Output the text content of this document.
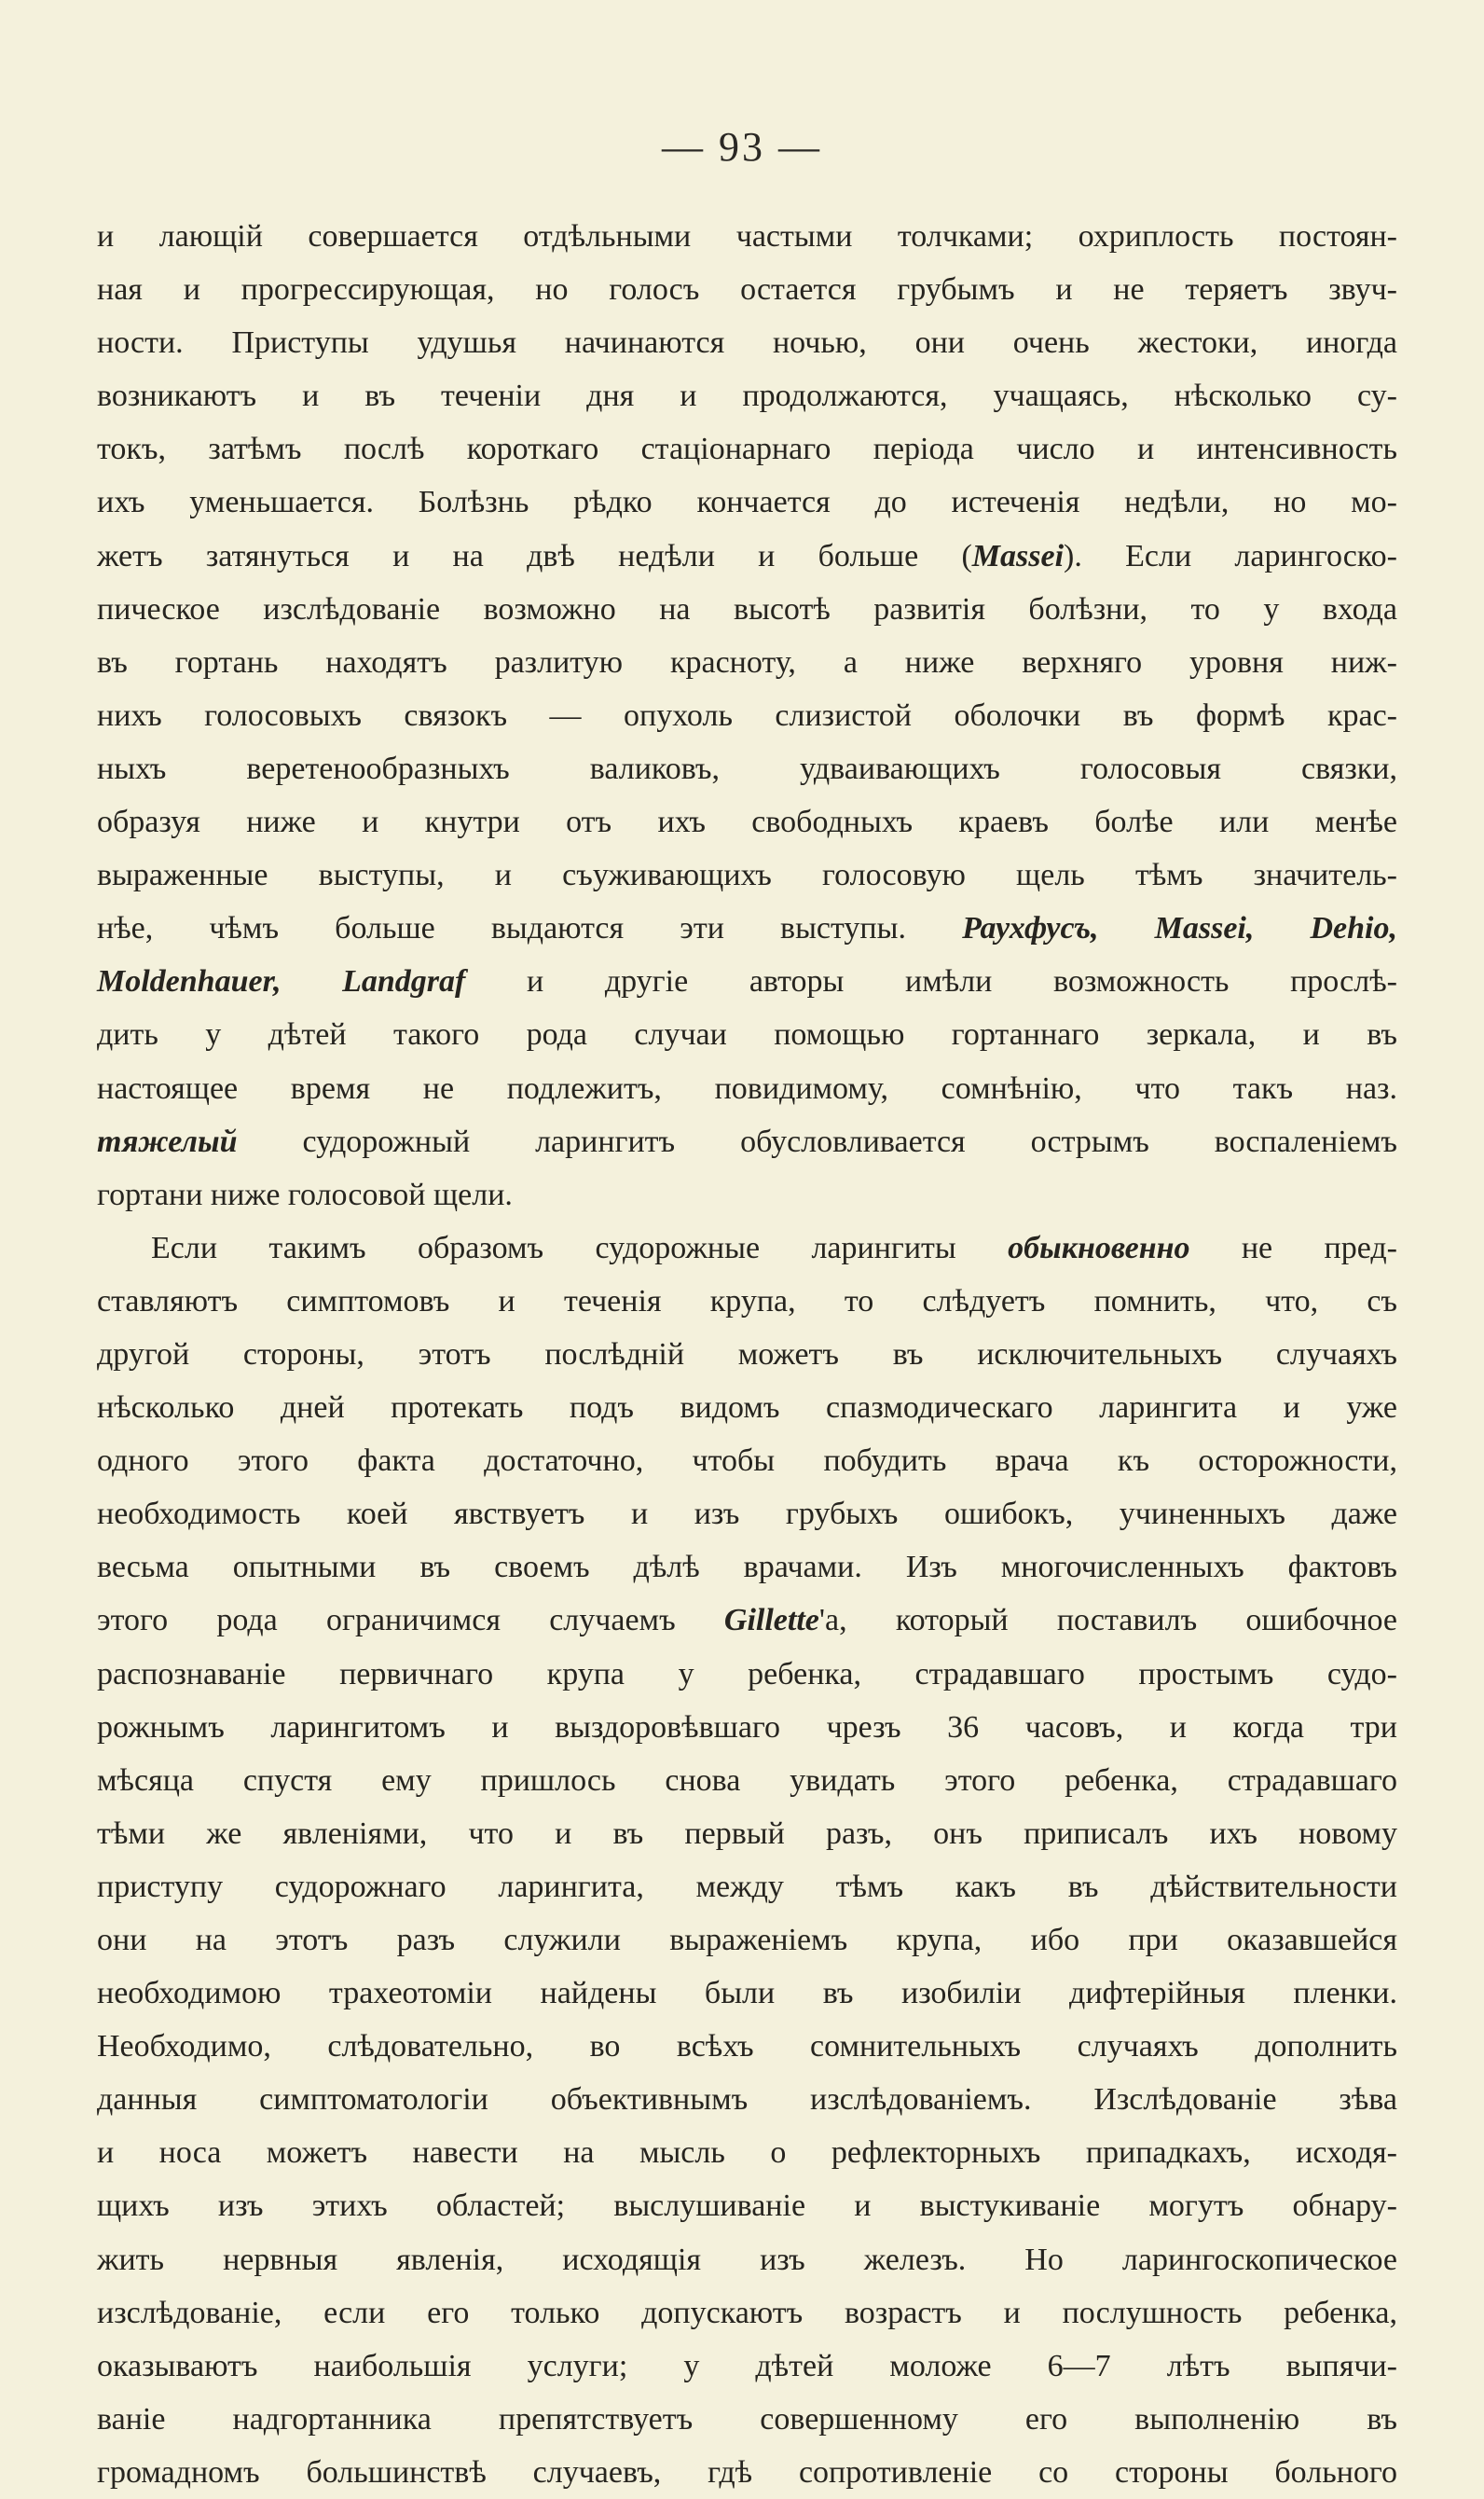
— 93 —
и лающій совершается отдѣльными частыми толчками; охриплость постоян-
ная и прогрессирующая, но голосъ остается грубымъ и не теряетъ звуч-
ности. Приступы удушья начинаются ночью, они очень жестоки, иногда
возникаютъ и въ теченіи дня и продолжаются, учащаясь, нѣсколько су-
токъ, затѣмъ послѣ короткаго стаціонарнаго періода число и интенсивность
ихъ уменьшается. Болѣзнь рѣдко кончается до истеченія недѣли, но мо-
жетъ затянуться и на двѣ недѣли и больше (Massei). Если ларингоско-
пическое изслѣдованіе возможно на высотѣ развитія болѣзни, то у входа
въ гортань находятъ разлитую красноту, а ниже верхняго уровня ниж-
нихъ голосовыхъ связокъ — опухоль слизистой оболочки въ формѣ крас-
ныхъ веретенообразныхъ валиковъ, удваивающихъ голосовыя связки,
образуя ниже и кнутри отъ ихъ свободныхъ краевъ болѣе или менѣе
выраженные выступы, и съуживающихъ голосовую щель тѣмъ значитель-
нѣе, чѣмъ больше выдаются эти выступы. Раухфусъ, Massei, Dehio,
Moldenhauer, Landgraf и другіе авторы имѣли возможность прослѣ-
дить у дѣтей такого рода случаи помощью гортаннаго зеркала, и въ
настоящее время не подлежитъ, повидимому, сомнѣнію, что такъ наз.
тяжелый судорожный ларингитъ обусловливается острымъ воспаленіемъ
гортани ниже голосовой щели.
Если такимъ образомъ судорожные ларингиты обыкновенно не пред-
ставляютъ симптомовъ и теченія крупа, то слѣдуетъ помнить, что, съ
другой стороны, этотъ послѣдній можетъ въ исключительныхъ случаяхъ
нѣсколько дней протекать подъ видомъ спазмодическаго ларингита и уже
одного этого факта достаточно, чтобы побудить врача къ осторожности,
необходимость коей явствуетъ и изъ грубыхъ ошибокъ, учиненныхъ даже
весьма опытными въ своемъ дѣлѣ врачами. Изъ многочисленныхъ фактовъ
этого рода ограничимся случаемъ Gillette'а, который поставилъ ошибочное
распознаваніе первичнаго крупа у ребенка, страдавшаго простымъ судо-
рожнымъ ларингитомъ и выздоровѣвшаго чрезъ 36 часовъ, и когда три
мѣсяца спустя ему пришлось снова увидать этого ребенка, страдавшаго
тѣми же явленіями, что и въ первый разъ, онъ приписалъ ихъ новому
приступу судорожнаго ларингита, между тѣмъ какъ въ дѣйствительности
они на этотъ разъ служили выраженіемъ крупа, ибо при оказавшейся
необходимою трахеотоміи найдены были въ изобиліи дифтерійныя пленки.
Необходимо, слѣдовательно, во всѣхъ сомнительныхъ случаяхъ дополнить
данныя симптоматологіи объективнымъ изслѣдованіемъ. Изслѣдованіе зѣва
и носа можетъ навести на мысль о рефлекторныхъ припадкахъ, исходя-
щихъ изъ этихъ областей; выслушиваніе и выстукиваніе могутъ обнару-
жить нервныя явленія, исходящія изъ железъ. Но ларингоскопическое
изслѣдованіе, если его только допускаютъ возрастъ и послушность ребенка,
оказываютъ наибольшія услуги; у дѣтей моложе 6—7 лѣтъ выпячи-
ваніе надгортанника препятствуетъ совершенному его выполненію въ
громадномъ большинствѣ случаевъ, гдѣ сопротивленіе со стороны больного
